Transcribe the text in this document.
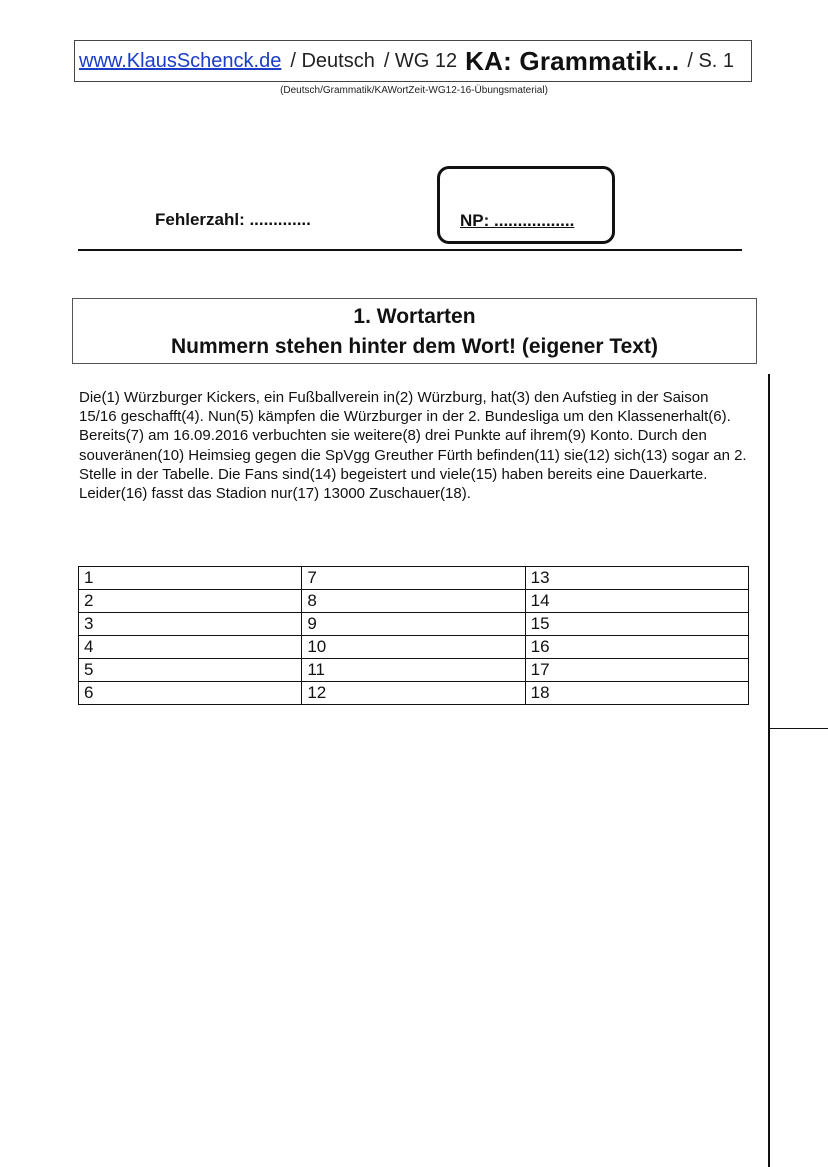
www.KlausSchenck.de / Deutsch / WG 12 KA: Grammatik... / S. 1
(Deutsch/Grammatik/KAWortZeit-WG12-16-Übungsmaterial)
Fehlerzahl: .............	NP: .................
1. Wortarten
Nummern stehen hinter dem Wort! (eigener Text)

Die(1) Würzburger Kickers, ein Fußballverein in(2) Würzburg, hat(3) den Aufstieg in der Saison 15/16 geschafft(4). Nun(5) kämpfen die Würzburger in der 2. Bundesliga um den Klassenerhalt(6). Bereits(7) am 16.09.2016 verbuchten sie weitere(8) drei Punkte auf ihrem(9) Konto. Durch den souveränen(10) Heimsieg gegen die SpVgg Greuther Fürth befinden(11) sie(12) sich(13) sogar an 2. Stelle in der Tabelle. Die Fans sind(14) begeistert und viele(15) haben bereits eine Dauerkarte. Leider(16) fasst das Stadion nur(17) 13000 Zuschauer(18).

1	7	13
2	8	14
3	9	15
4	10	16
5	11	17
6	12	18
